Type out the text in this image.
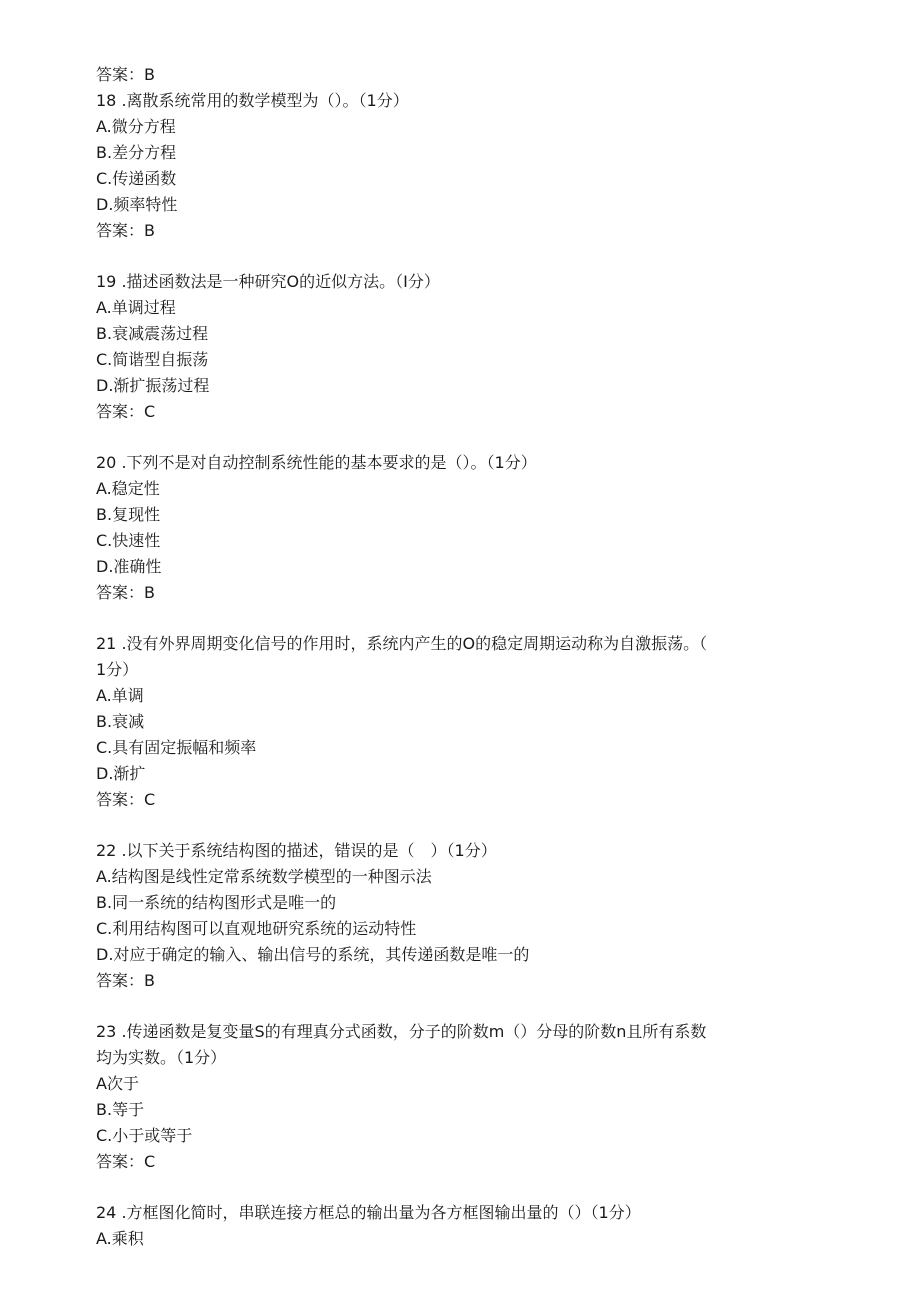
答案：B
18 .离散系统常用的数学模型为（）。（1分）
A.微分方程
B.差分方程
C.传递函数
D.频率特性
答案：B
19 .描述函数法是一种研究O的近似方法。（I分）
A.单调过程
B.衰减震荡过程
C.简谐型自振荡
D.渐扩振荡过程
答案：C
20 .下列不是对自动控制系统性能的基本要求的是（）。（1分）
A.稳定性
B.复现性
C.快速性
D.准确性
答案：B
21 .没有外界周期变化信号的作用时，系统内产生的O的稳定周期运动称为自激振荡。（
1分）
A.单调
B.衰减
C.具有固定振幅和频率
D.渐扩
答案：C
22 .以下关于系统结构图的描述，错误的是（　）（1分）
A.结构图是线性定常系统数学模型的一种图示法
B.同一系统的结构图形式是唯一的
C.利用结构图可以直观地研究系统的运动特性
D.对应于确定的输入、输出信号的系统，其传递函数是唯一的
答案：B
23 .传递函数是复变量S的有理真分式函数，分子的阶数m（）分母的阶数n且所有系数
均为实数。（1分）
A次于
B.等于
C.小于或等于
答案：C
24 .方框图化简时，串联连接方框总的输出量为各方框图输出量的（）（1分）
A.乘积
